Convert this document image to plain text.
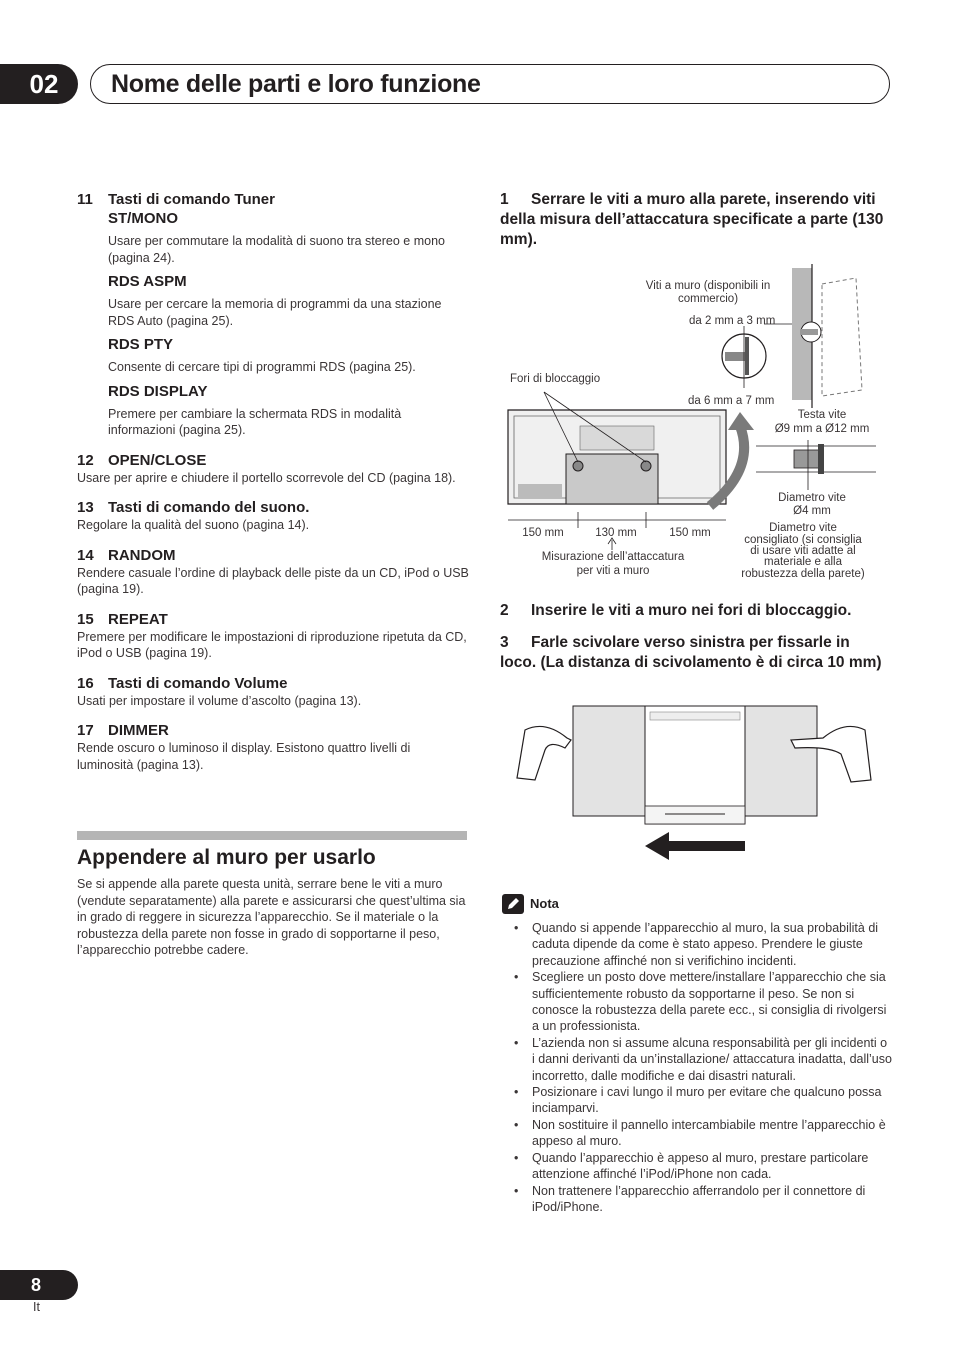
02	Nome delle parti e loro funzione
11 Tasti di comando Tuner
ST/MONO
Usare per commutare la modalità di suono tra stereo e mono (pagina 24).
RDS ASPM
Usare per cercare la memoria di programmi da una stazione RDS Auto (pagina 25).
RDS PTY
Consente di cercare tipi di programmi RDS (pagina 25).
RDS DISPLAY
Premere per cambiare la schermata RDS in modalità informazioni (pagina 25).
12 OPEN/CLOSE
Usare per aprire e chiudere il portello scorrevole del CD (pagina 18).
13 Tasti di comando del suono.
Regolare la qualità del suono (pagina 14).
14 RANDOM
Rendere casuale l’ordine di playback delle piste da un CD, iPod o USB (pagina 19).
15 REPEAT
Premere per modificare le impostazioni di riproduzione ripetuta da CD, iPod o USB (pagina 19).
16 Tasti di comando Volume
Usati per impostare il volume d’ascolto (pagina 13).
17 DIMMER
Rende oscuro o luminoso il display. Esistono quattro livelli di luminosità (pagina 13).
Appendere al muro per usarlo
Se si appende alla parete questa unità, serrare bene le viti a muro (vendute separatamente) alla parete e assicurarsi che quest’ultima sia in grado di reggere in sicurezza l’apparecchio. Se il materiale o la robustezza della parete non fosse in grado di sopportarne il peso, l’apparecchio potrebbe cadere.
1 Serrare le viti a muro alla parete, inserendo viti della misura dell’attaccatura specificate a parte (130 mm).
Viti a muro (disponibili in
commercio)
da 2 mm a 3 mm
Fori di bloccaggio
da 6 mm a 7 mm
Testa vite
Ø9 mm a Ø12 mm
Diametro vite
Ø4 mm
150 mm	130 mm	150 mm
Misurazione dell’attaccatura
per viti a muro
Diametro vite
consigliato (si consiglia
di usare viti adatte al
materiale e alla
robustezza della parete)
2 Inserire le viti a muro nei fori di bloccaggio.
3 Farle scivolare verso sinistra per fissarle in loco. (La distanza di scivolamento è di circa 10 mm)
Nota
• Quando si appende l’apparecchio al muro, la sua probabilità di caduta dipende da come è stato appeso. Prendere le giuste precauzione affinché non si verifichino incidenti.
• Scegliere un posto dove mettere/installare l’apparecchio che sia sufficientemente robusto da sopportarne il peso. Se non si conosce la robustezza della parete ecc., si consiglia di rivolgersi a un professionista.
• L’azienda non si assume alcuna responsabilità per gli incidenti o i danni derivanti da un’installazione/ attaccatura inadatta, dall’uso incorretto, dalle modifiche e dai disastri naturali.
• Posizionare i cavi lungo il muro per evitare che qualcuno possa inciamparvi.
• Non sostituire il pannello intercambiabile mentre l’apparecchio è appeso al muro.
• Quando l’apparecchio è appeso al muro, prestare particolare attenzione affinché l’iPod/iPhone non cada.
• Non trattenere l’apparecchio afferrandolo per il connettore di iPod/iPhone.
8
It
